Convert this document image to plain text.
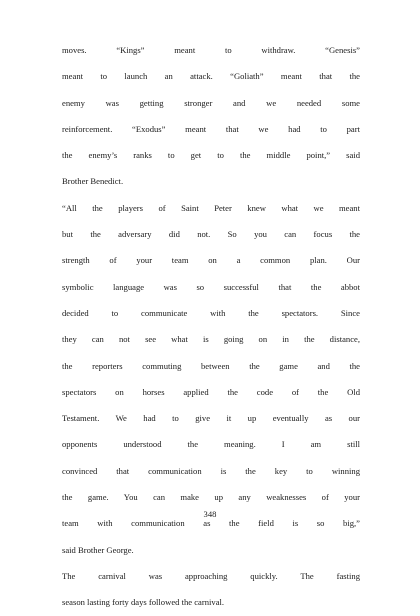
moves. “Kings” meant to withdraw. “Genesis”
meant to launch an attack. “Goliath” meant that the
enemy was getting stronger and we needed some
reinforcement. “Exodus” meant that we had to part
the enemy’s ranks to get to the middle point,” said
Brother Benedict.
“All the players of Saint Peter knew what we meant
but the adversary did not. So you can focus the
strength of your team on a common plan. Our
symbolic language was so successful that the abbot
decided to communicate with the spectators. Since
they can not see what is going on in the distance,
the reporters commuting between the game and the
spectators on horses applied the code of the Old
Testament. We had to give it up eventually as our
opponents understood the meaning. I am still
convinced that communication is the key to winning
the game. You can make up any weaknesses of your
team with communication as the field is so big,”
said Brother George.
The carnival was approaching quickly. The fasting
season lasting forty days followed the carnival.
348
